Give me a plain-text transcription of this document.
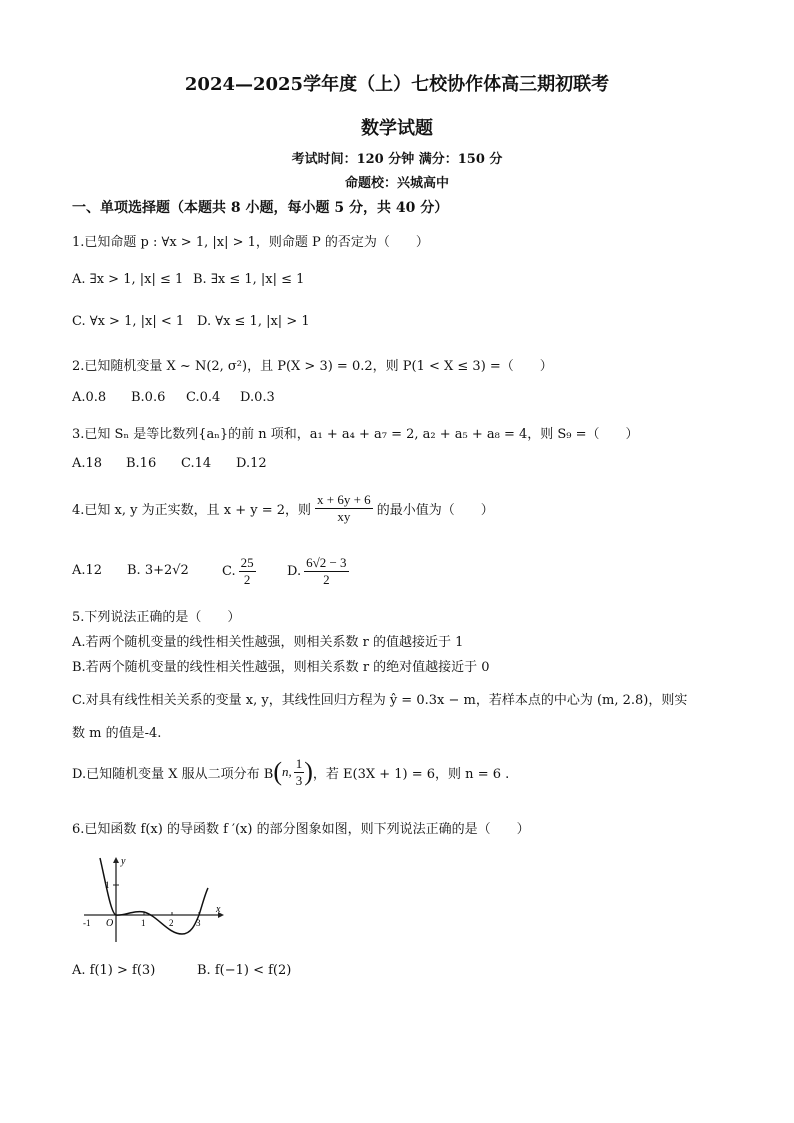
2024—2025学年度（上）七校协作体高三期初联考
数学试题
考试时间：120 分钟 满分：150 分
命题校：兴城高中
一、单项选择题（本题共 8 小题，每小题 5 分，共 40 分）
1.已知命题 p : ∀x > 1, |x| > 1，则命题 P 的否定为（　　）
A. ∃x > 1, |x| ≤ 1 B. ∃x ≤ 1, |x| ≤ 1
C. ∀x > 1, |x| < 1 D. ∀x ≤ 1, |x| > 1
2.已知随机变量 X ~ N(2, σ²)，且 P(X > 3) = 0.2，则 P(1 < X ≤ 3) =（　　）
A.0.8 B.0.6 C.0.4 D.0.3
3.已知 Sₙ 是等比数列{aₙ}的前 n 项和，a₁ + a₄ + a₇ = 2, a₂ + a₅ + a₈ = 4，则 S₉ =（　　）
A.18 B.16 C.14 D.12
4.已知 x, y 为正实数，且 x + y = 2，则 $\frac{x + 6y + 6}{xy}$ 的最小值为（　　）
A.12 B. 3+2√2	C. $\frac{25}{2} D$. $\frac{6√2 - 3}{2}$
5.下列说法正确的是（　　）
A.若两个随机变量的线性相关性越强，则相关系数 r 的值越接近于 1
B.若两个随机变量的线性相关性越强，则相关系数 r 的绝对值越接近于 0
C.对具有线性相关关系的变量 x, y，其线性回归方程为 ŷ = 0.3x − m，若样本点的中心为 (m, 2.8)，则实
数 m 的值是-4.
D.已知随机变量 X 服从二项分布 B ( n, $\frac{1}{3}$ ) ，若 E(3X + 1) = 6，则 n = 6 .
6.已知函数 f(x) 的导函数 f ′(x) 的部分图象如图，则下列说法正确的是（　　）
y
x
O
-1	1	2	3
1
A. f(1) > f(3)	B. f(−1) < f(2)
